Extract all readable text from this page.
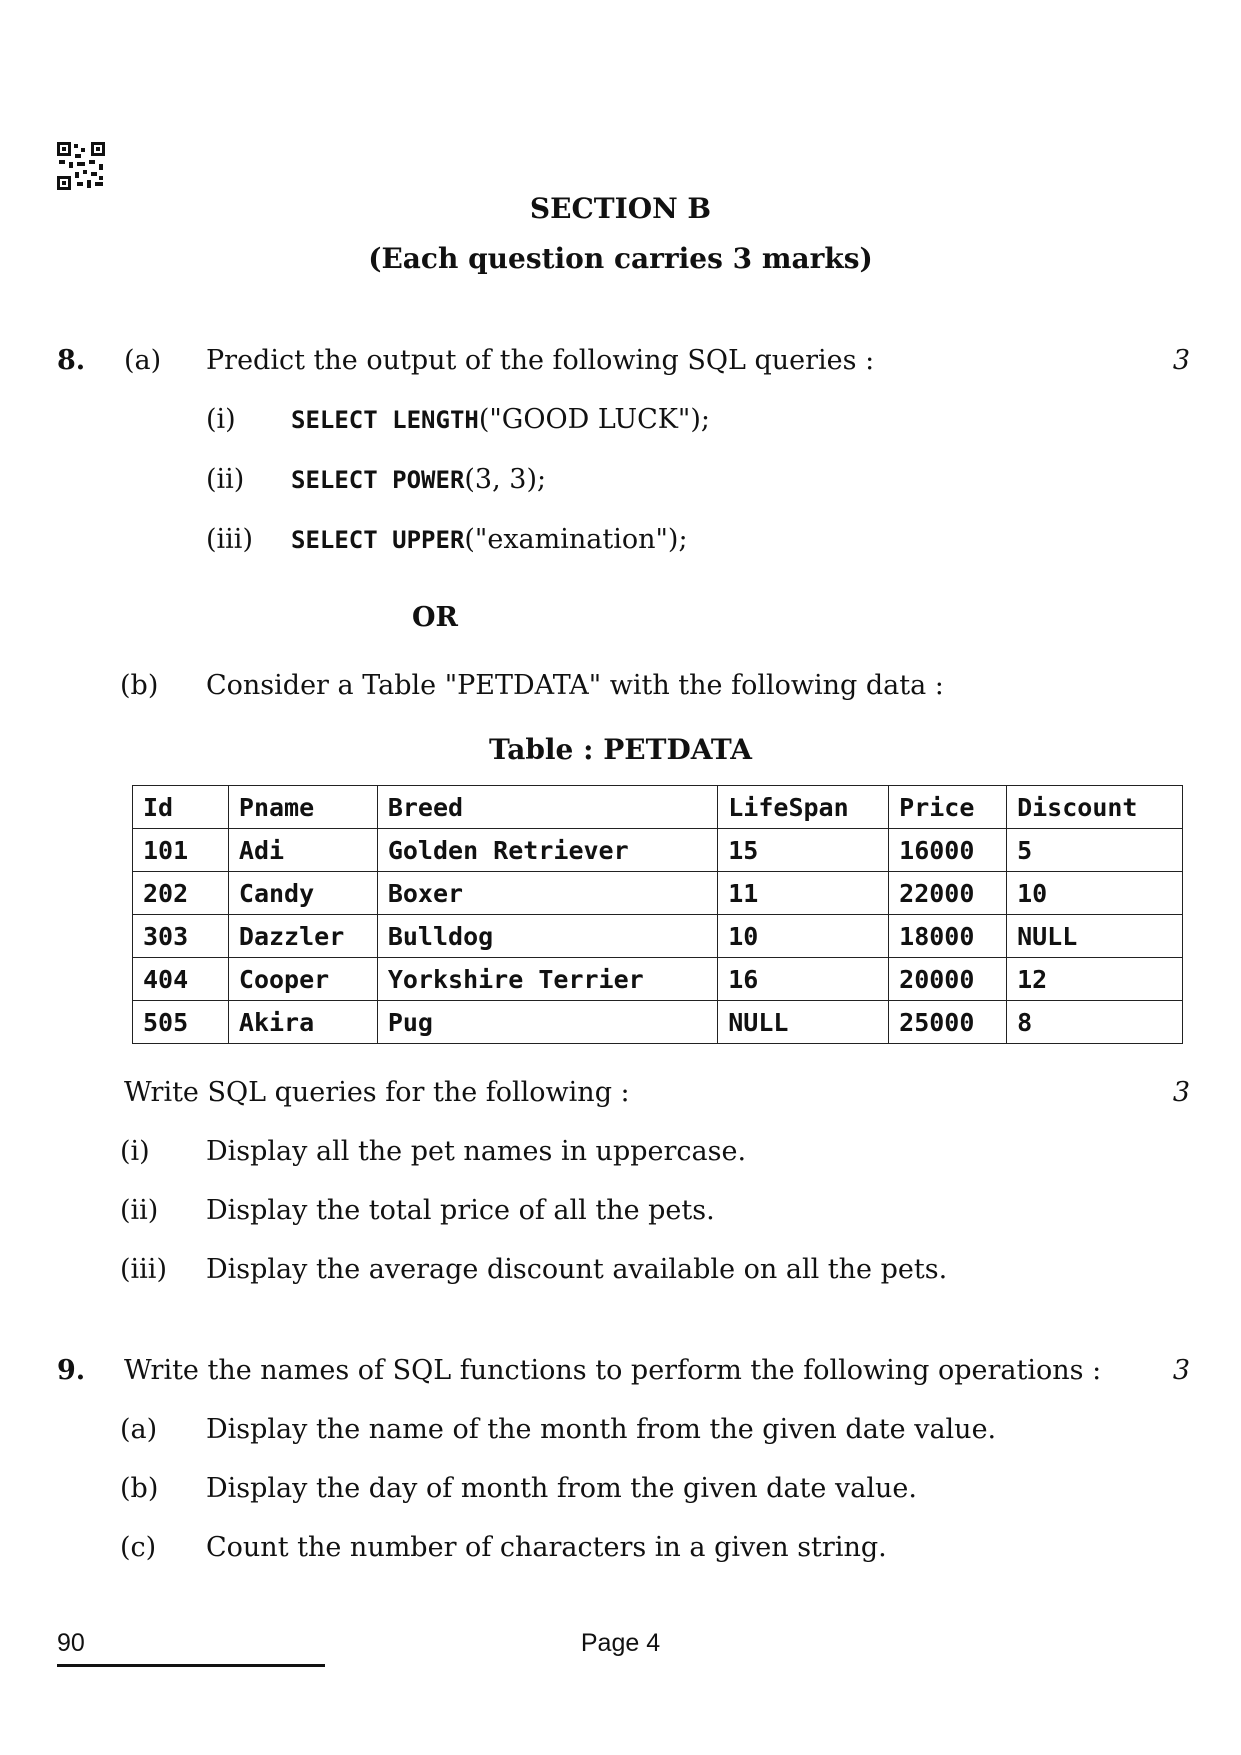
SECTION B
(Each question carries 3 marks)
8. (a) Predict the output of the following SQL queries :	3
(i) SELECT LENGTH("GOOD LUCK");
(ii) SELECT POWER(3, 3);
(iii) SELECT UPPER("examination");
OR
(b) Consider a Table "PETDATA" with the following data :
Table : PETDATA
Id	Pname	Breed	LifeSpan	Price	Discount
101	Adi	Golden Retriever	15	16000	5
202	Candy	Boxer	11	22000	10
303	Dazzler	Bulldog	10	18000	NULL
404	Cooper	Yorkshire Terrier	16	20000	12
505	Akira	Pug	NULL	25000	8
Write SQL queries for the following :	3
(i) Display all the pet names in uppercase.
(ii) Display the total price of all the pets.
(iii) Display the average discount available on all the pets.
9. Write the names of SQL functions to perform the following operations :	3
(a) Display the name of the month from the given date value.
(b) Display the day of month from the given date value.
(c) Count the number of characters in a given string.
90	Page 4
